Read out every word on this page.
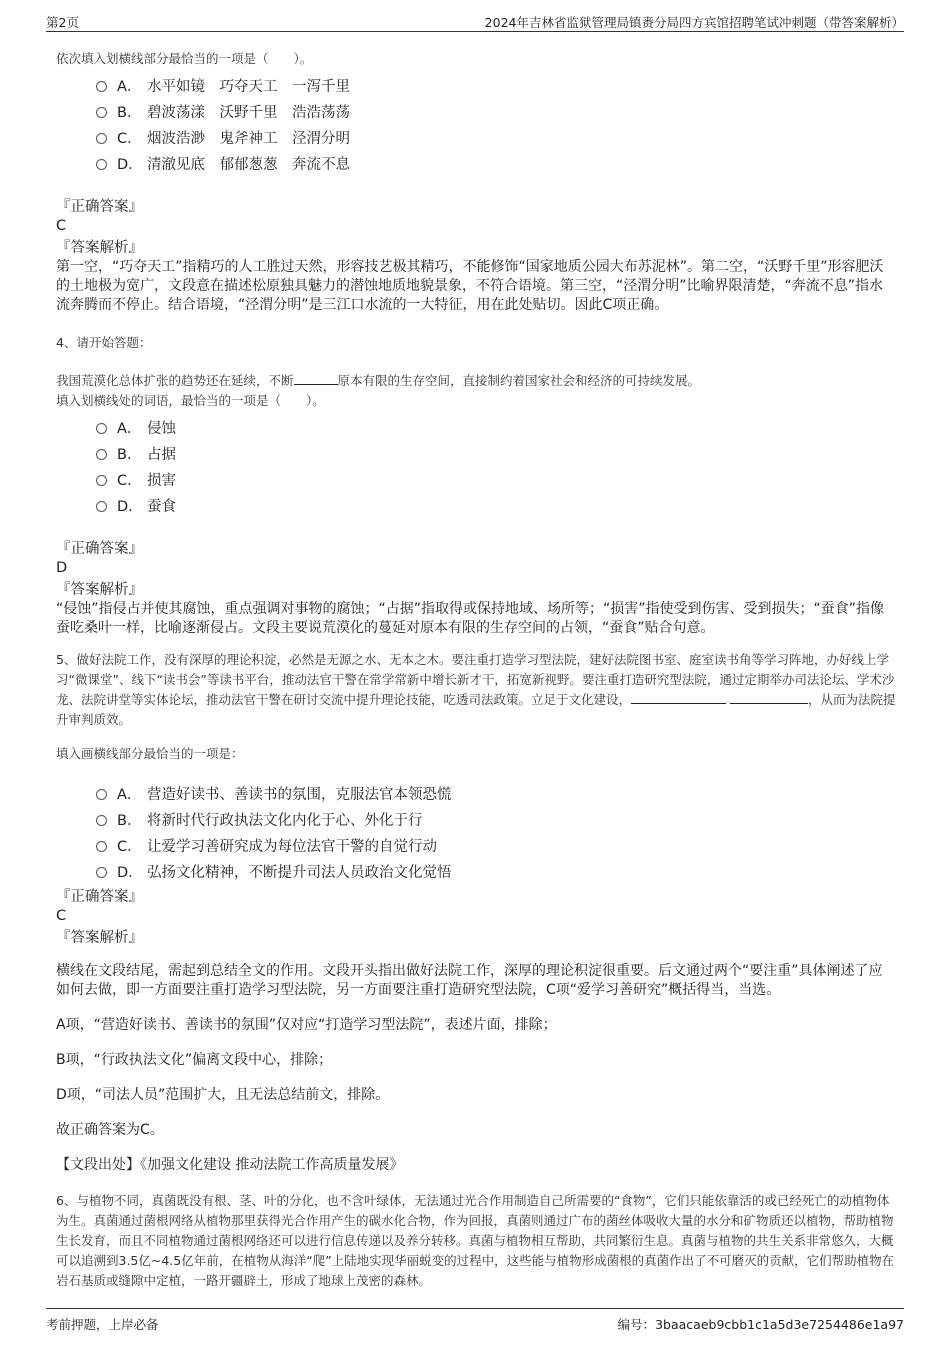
第2页	2024年吉林省监狱管理局镇赉分局四方宾馆招聘笔试冲刺题（带答案解析）
依次填入划横线部分最恰当的一项是（　　）。
A． 水平如镜　巧夺天工　一泻千里
B． 碧波荡漾　沃野千里　浩浩荡荡
C． 烟波浩渺　鬼斧神工　泾渭分明
D． 清澈见底　郁郁葱葱　奔流不息
『正确答案』
C
『答案解析』
第一空，“巧夺天工”指精巧的人工胜过天然，形容技艺极其精巧，不能修饰“国家地质公园大布苏泥林”。第二空，“沃野千里”形容肥沃的土地极为宽广，文段意在描述松原独具魅力的潜蚀地质地貌景象，不符合语境。第三空，“泾渭分明”比喻界限清楚，“奔流不息”指水流奔腾而不停止。结合语境，“泾渭分明”是三江口水流的一大特征，用在此处贴切。因此C项正确。
4、请开始答题：
我国荒漠化总体扩张的趋势还在延续，不断	原本有限的生存空间，直接制约着国家社会和经济的可持续发展。
填入划横线处的词语，最恰当的一项是（　　）。
A． 侵蚀
B． 占据
C． 损害
D． 蚕食
『正确答案』
D
『答案解析』
“侵蚀”指侵占并使其腐蚀，重点强调对事物的腐蚀；“占据”指取得或保持地域、场所等；“损害”指使受到伤害、受到损失；“蚕食”指像蚕吃桑叶一样，比喻逐渐侵占。文段主要说荒漠化的蔓延对原本有限的生存空间的占领，“蚕食”贴合句意。
5、做好法院工作，没有深厚的理论积淀，必然是无源之水、无本之木。要注重打造学习型法院，建好法院图书室、庭室读书角等学习阵地，办好线上学习“微课堂”、线下“读书会”等读书平台，推动法官干警在常学常新中增长新才干，拓宽新视野。要注重打造研究型法院，通过定期举办司法论坛、学术沙龙、法院讲堂等实体论坛，推动法官干警在研讨交流中提升理论技能，吃透司法政策。立足于文化建设，	，从而为法院提升审判质效。
填入画横线部分最恰当的一项是：
A． 营造好读书、善读书的氛围，克服法官本领恐慌
B． 将新时代行政执法文化内化于心、外化于行
C． 让爱学习善研究成为每位法官干警的自觉行动
D． 弘扬文化精神，不断提升司法人员政治文化觉悟
『正确答案』
C
『答案解析』
横线在文段结尾，需起到总结全文的作用。文段开头指出做好法院工作，深厚的理论积淀很重要。后文通过两个“要注重”具体阐述了应如何去做，即一方面要注重打造学习型法院，另一方面要注重打造研究型法院，C项“爱学习善研究”概括得当，当选。
A项，“营造好读书、善读书的氛围”仅对应“打造学习型法院”，表述片面，排除；
B项，“行政执法文化”偏离文段中心，排除；
D项，“司法人员”范围扩大，且无法总结前文，排除。
故正确答案为C。
【文段出处】《加强文化建设 推动法院工作高质量发展》
6、与植物不同，真菌既没有根、茎、叶的分化，也不含叶绿体，无法通过光合作用制造自己所需要的“食物”，它们只能依靠活的或已经死亡的动植物体为生。真菌通过菌根网络从植物那里获得光合作用产生的碳水化合物，作为回报，真菌则通过广布的菌丝体吸收大量的水分和矿物质还以植物，帮助植物生长发育，而且不同植物通过菌根网络还可以进行信息传递以及养分转移。真菌与植物相互帮助，共同繁衍生息。真菌与植物的共生关系非常悠久，大概可以追溯到3.5亿~4.5亿年前，在植物从海洋“爬”上陆地实现华丽蜕变的过程中，这些能与植物形成菌根的真菌作出了不可磨灭的贡献，它们帮助植物在岩石基质或缝隙中定植，一路开疆辟土，形成了地球上茂密的森林。
考前押题，上岸必备	编号：3baacaeb9cbb1c1a5d3e7254486e1a97
